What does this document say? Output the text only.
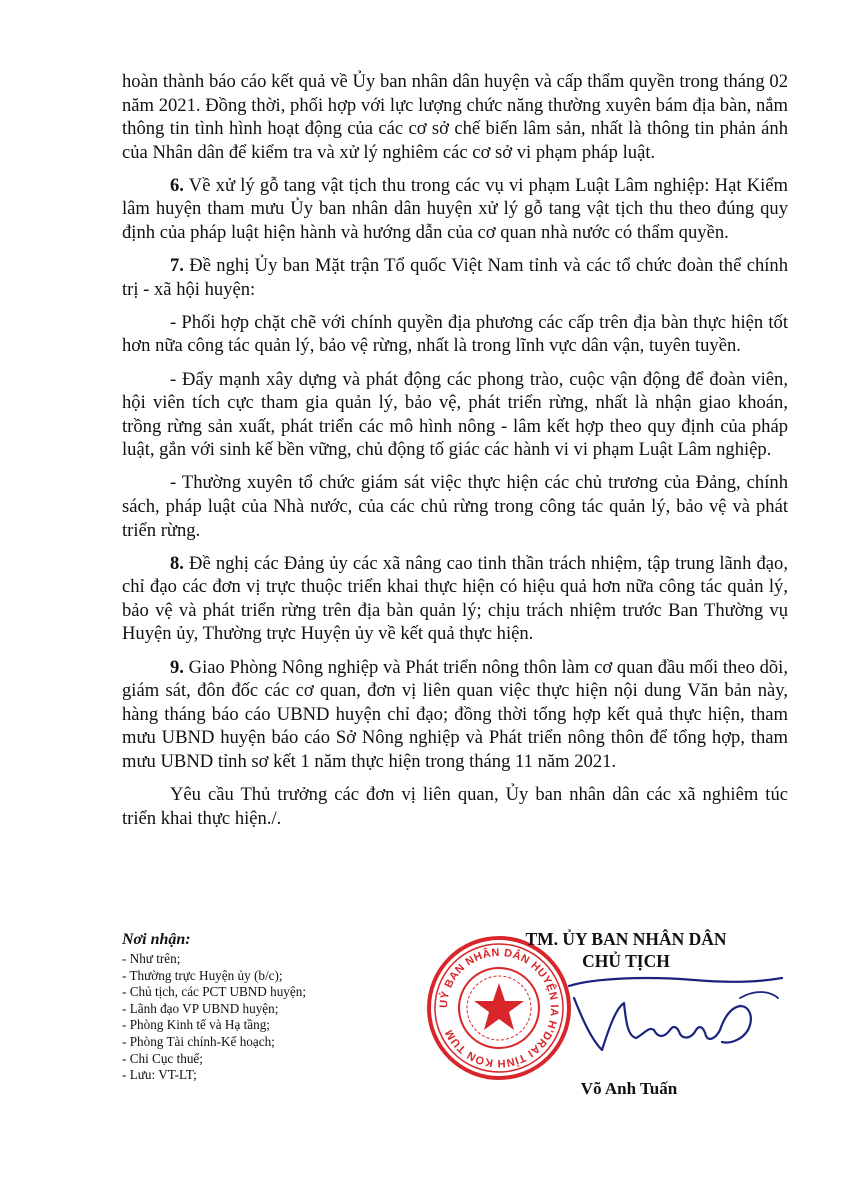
hoàn thành báo cáo kết quả về Ủy ban nhân dân huyện và cấp thẩm quyền trong tháng 02 năm 2021. Đồng thời, phối hợp với lực lượng chức năng thường xuyên bám địa bàn, nắm thông tin tình hình hoạt động của các cơ sở chế biến lâm sản, nhất là thông tin phản ánh của Nhân dân để kiểm tra và xử lý nghiêm các cơ sở vi phạm pháp luật.

6. Về xử lý gỗ tang vật tịch thu trong các vụ vi phạm Luật Lâm nghiệp: Hạt Kiểm lâm huyện tham mưu Ủy ban nhân dân huyện xử lý gỗ tang vật tịch thu theo đúng quy định của pháp luật hiện hành và hướng dẫn của cơ quan nhà nước có thẩm quyền.

7. Đề nghị Ủy ban Mặt trận Tổ quốc Việt Nam tỉnh và các tổ chức đoàn thể chính trị - xã hội huyện:

- Phối hợp chặt chẽ với chính quyền địa phương các cấp trên địa bàn thực hiện tốt hơn nữa công tác quản lý, bảo vệ rừng, nhất là trong lĩnh vực dân vận, tuyên tuyền.

- Đẩy mạnh xây dựng và phát động các phong trào, cuộc vận động để đoàn viên, hội viên tích cực tham gia quản lý, bảo vệ, phát triển rừng, nhất là nhận giao khoán, trồng rừng sản xuất, phát triển các mô hình nông - lâm kết hợp theo quy định của pháp luật, gắn với sinh kế bền vững, chủ động tố giác các hành vi vi phạm Luật Lâm nghiệp.

- Thường xuyên tổ chức giám sát việc thực hiện các chủ trương của Đảng, chính sách, pháp luật của Nhà nước, của các chủ rừng trong công tác quản lý, bảo vệ và phát triển rừng.

8. Đề nghị các Đảng ủy các xã nâng cao tinh thần trách nhiệm, tập trung lãnh đạo, chỉ đạo các đơn vị trực thuộc triển khai thực hiện có hiệu quả hơn nữa công tác quản lý, bảo vệ và phát triển rừng trên địa bàn quản lý; chịu trách nhiệm trước Ban Thường vụ Huyện ủy, Thường trực Huyện ủy về kết quả thực hiện.

9. Giao Phòng Nông nghiệp và Phát triển nông thôn làm cơ quan đầu mối theo dõi, giám sát, đôn đốc các cơ quan, đơn vị liên quan việc thực hiện nội dung Văn bản này, hàng tháng báo cáo UBND huyện chỉ đạo; đồng thời tổng hợp kết quả thực hiện, tham mưu UBND huyện báo cáo Sở Nông nghiệp và Phát triển nông thôn để tổng hợp, tham mưu UBND tỉnh sơ kết 1 năm thực hiện trong tháng 11 năm 2021.

Yêu cầu Thủ trưởng các đơn vị liên quan, Ủy ban nhân dân các xã nghiêm túc triển khai thực hiện./.

Nơi nhận:
- Như trên;
- Thường trực Huyện ủy (b/c);
- Chủ tịch, các PCT UBND huyện;
- Lãnh đạo VP UBND huyện;
- Phòng Kinh tế và Hạ tầng;
- Phòng Tài chính-Kế hoạch;
- Chi Cục thuế;
- Lưu: VT-LT;
UỶ BAN NHÂN DÂN HUYỆN IA H'DRAI TỈNH KON TUM
TM. ỦY BAN NHÂN DÂN
CHỦ TỊCH
Võ Anh Tuấn
